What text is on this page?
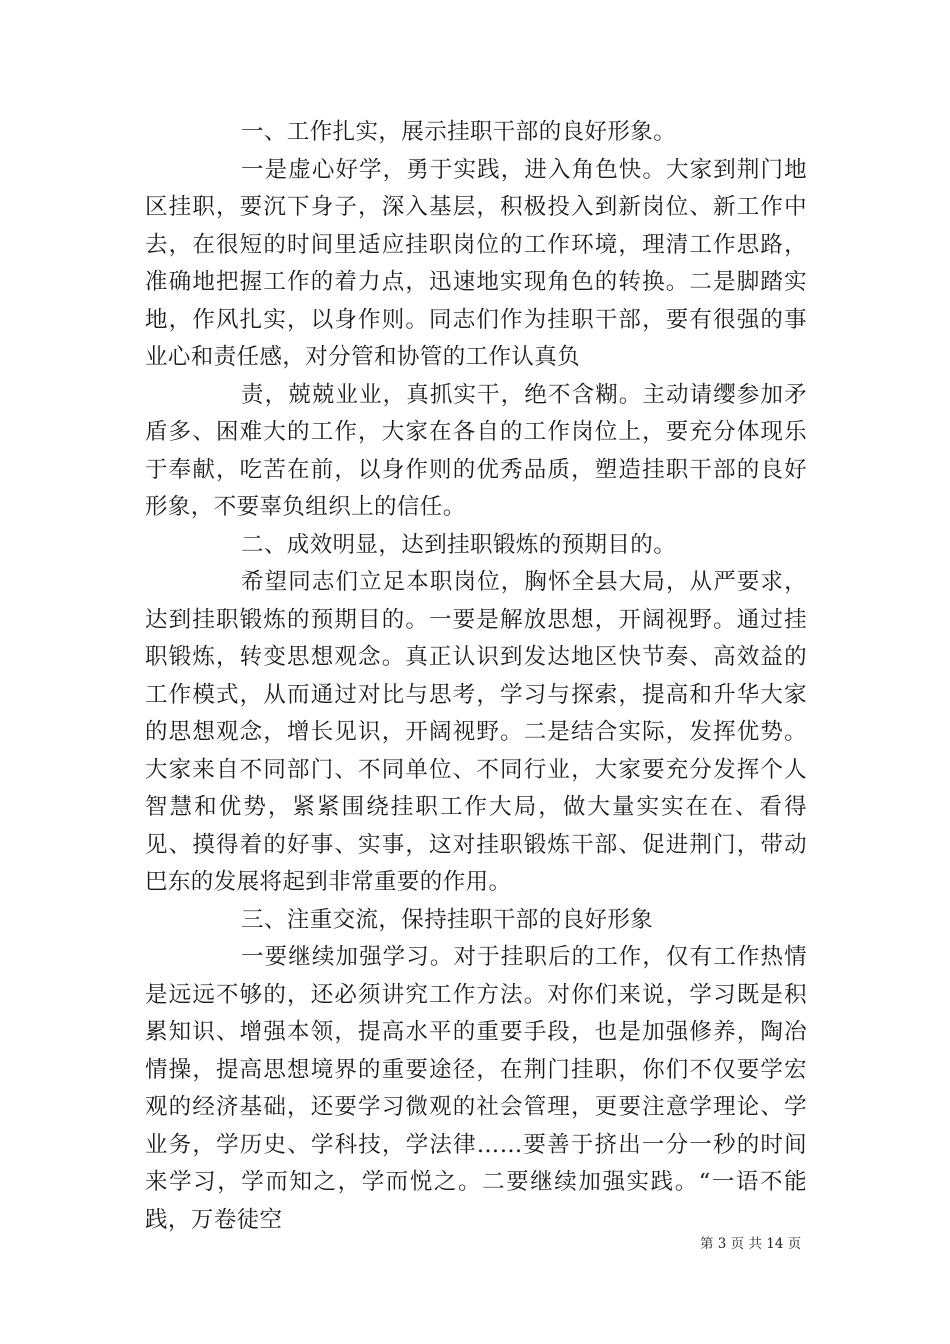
一、工作扎实，展示挂职干部的良好形象。

一是虚心好学，勇于实践，进入角色快。大家到荆门地区挂职，要沉下身子，深入基层，积极投入到新岗位、新工作中去，在很短的时间里适应挂职岗位的工作环境，理清工作思路，准确地把握工作的着力点，迅速地实现角色的转换。二是脚踏实地，作风扎实，以身作则。同志们作为挂职干部，要有很强的事业心和责任感，对分管和协管的工作认真负

责，兢兢业业，真抓实干，绝不含糊。主动请缨参加矛盾多、困难大的工作，大家在各自的工作岗位上，要充分体现乐于奉献，吃苦在前，以身作则的优秀品质，塑造挂职干部的良好形象，不要辜负组织上的信任。

二、成效明显，达到挂职锻炼的预期目的。

希望同志们立足本职岗位，胸怀全县大局，从严要求，达到挂职锻炼的预期目的。一要是解放思想，开阔视野。通过挂职锻炼，转变思想观念。真正认识到发达地区快节奏、高效益的工作模式，从而通过对比与思考，学习与探索，提高和升华大家的思想观念，增长见识，开阔视野。二是结合实际，发挥优势。大家来自不同部门、不同单位、不同行业，大家要充分发挥个人智慧和优势，紧紧围绕挂职工作大局，做大量实实在在、看得见、摸得着的好事、实事，这对挂职锻炼干部、促进荆门，带动巴东的发展将起到非常重要的作用。

三、注重交流，保持挂职干部的良好形象

一要继续加强学习。对于挂职后的工作，仅有工作热情是远远不够的，还必须讲究工作方法。对你们来说，学习既是积累知识、增强本领，提高水平的重要手段，也是加强修养，陶冶情操，提高思想境界的重要途径，在荆门挂职，你们不仅要学宏观的经济基础，还要学习微观的社会管理，更要注意学理论、学业务，学历史、学科技，学法律……要善于挤出一分一秒的时间来学习，学而知之，学而悦之。二要继续加强实践。“一语不能践，万卷徒空

第 3 页 共 14 页
